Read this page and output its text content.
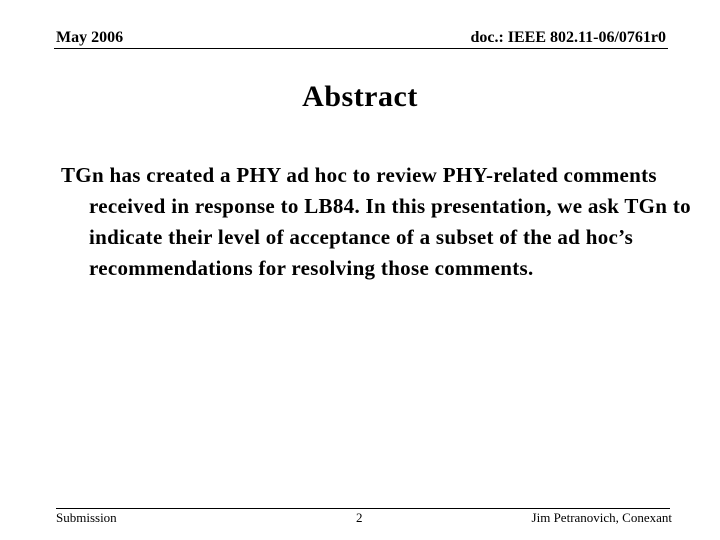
May 2006	doc.: IEEE 802.11-06/0761r0
Abstract

TGn has created a PHY ad hoc to review PHY-related comments received in response to LB84. In this presentation, we ask TGn to indicate their level of acceptance of a subset of the ad hoc’s recommendations for resolving those comments.

Submission	2	Jim Petranovich, Conexant
